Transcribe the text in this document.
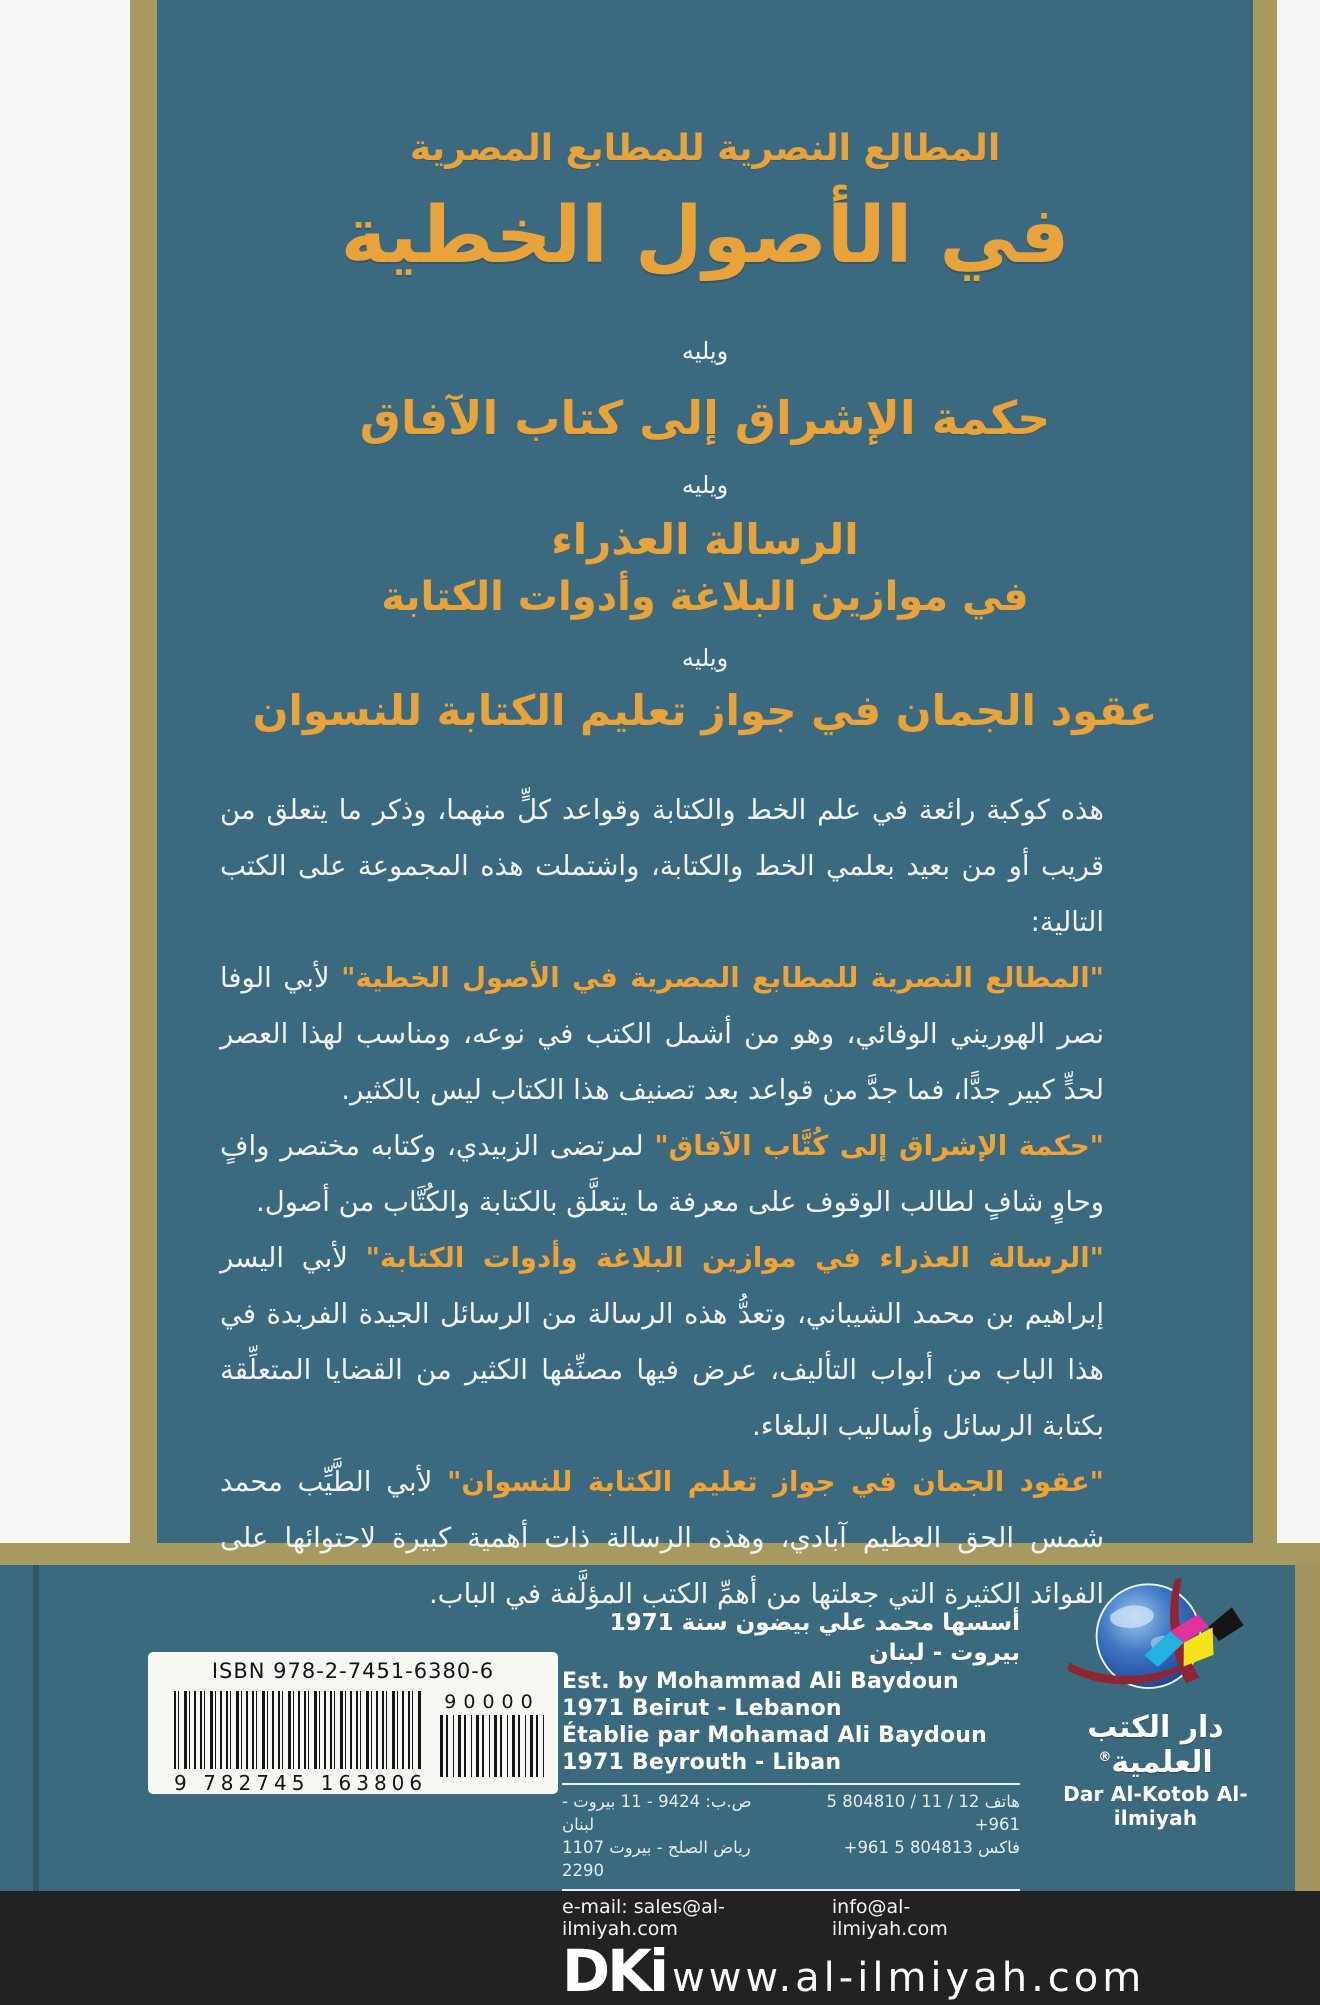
المطالع النصرية للمطابع المصرية
في الأصول الخطية
ويليه
حكمة الإشراق إلى كتاب الآفاق
ويليه
الرسالة العذراء
في موازين البلاغة وأدوات الكتابة
ويليه
عقود الجمان في جواز تعليم الكتابة للنسوان

هذه كوكبة رائعة في علم الخط والكتابة وقواعد كلٍّ منهما، وذكر ما يتعلق من قريب أو من بعيد بعلمي الخط والكتابة، واشتملت هذه المجموعة على الكتب التالية:

"المطالع النصرية للمطابع المصرية في الأصول الخطية" لأبي الوفا نصر الهوريني الوفائي، وهو من أشمل الكتب في نوعه، ومناسب لهذا العصر لحدٍّ كبير جدًّا، فما جدَّ من قواعد بعد تصنيف هذا الكتاب ليس بالكثير.

"حكمة الإشراق إلى كُتَّاب الآفاق" لمرتضى الزبيدي، وكتابه مختصر وافٍ وحاوٍ شافٍ لطالب الوقوف على معرفة ما يتعلَّق بالكتابة والكُتَّاب من أصول.

"الرسالة العذراء في موازين البلاغة وأدوات الكتابة" لأبي اليسر إبراهيم بن محمد الشيباني، وتعدُّ هذه الرسالة من الرسائل الجيدة الفريدة في هذا الباب من أبواب التأليف، عرض فيها مصنِّفها الكثير من القضايا المتعلِّقة بكتابة الرسائل وأساليب البلغاء.

"عقود الجمان في جواز تعليم الكتابة للنسوان" لأبي الطَّيِّب محمد شمس الحق العظيم آبادي، وهذه الرسالة ذات أهمية كبيرة لاحتوائها على الفوائد الكثيرة التي جعلتها من أهمِّ الكتب المؤلَّفة في الباب.

ISBN 978-2-7451-6380-6
9 782745 163806
90000
أسسها محمد علي بيضون سنة 1971 بيروت - لبنان
Est. by Mohammad Ali Baydoun 1971 Beirut - Lebanon
Établie par Mohamad Ali Baydoun 1971 Beyrouth - Liban
ص.ب: 9424 - 11 بيروت - لبنان
رياض الصلح - بيروت 1107 2290
هاتف 12 / 11 / 804810 5 961+
فاكس 804813 5 961+
e-mail: sales@al-ilmiyah.com
info@al-ilmiyah.com
DKi www.al-ilmiyah.com
دار الكتب العلمية®
Dar Al-Kotob Al-ilmiyah
